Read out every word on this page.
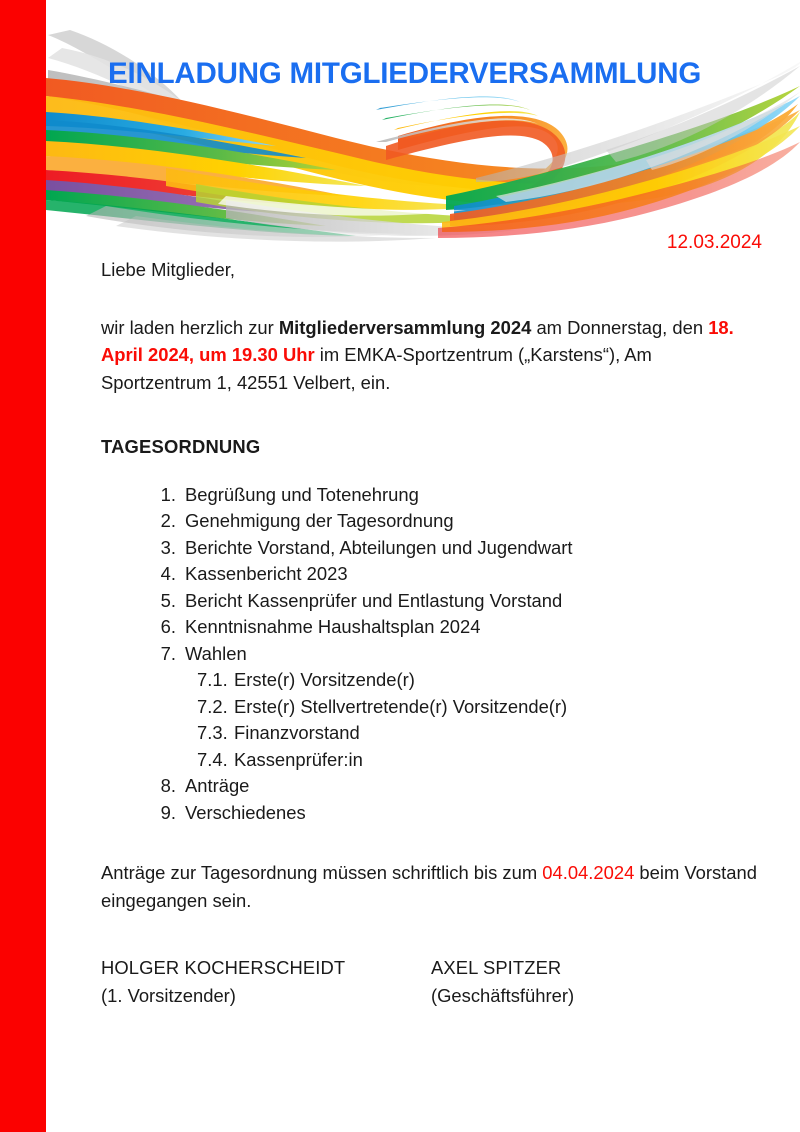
EINLADUNG MITGLIEDERVERSAMMLUNG
12.03.2024

Liebe Mitglieder,

wir laden herzlich zur Mitgliederversammlung 2024 am Donnerstag, den 18. April 2024, um 19.30 Uhr im EMKA-Sportzentrum („Karstens“), Am Sportzentrum 1, 42551 Velbert, ein.

TAGESORDNUNG

1. Begrüßung und Totenehrung
2. Genehmigung der Tagesordnung
3. Berichte Vorstand, Abteilungen und Jugendwart
4. Kassenbericht 2023
5. Bericht Kassenprüfer und Entlastung Vorstand
6. Kenntnisnahme Haushaltsplan 2024
7. Wahlen
7.1. Erste(r) Vorsitzende(r)
7.2. Erste(r) Stellvertretende(r) Vorsitzende(r)
7.3. Finanzvorstand
7.4. Kassenprüfer:in
8. Anträge
9. Verschiedenes

Anträge zur Tagesordnung müssen schriftlich bis zum 04.04.2024 beim Vorstand eingegangen sein.

HOLGER KOCHERSCHEIDT
(1. Vorsitzender)
AXEL SPITZER
(Geschäftsführer)
